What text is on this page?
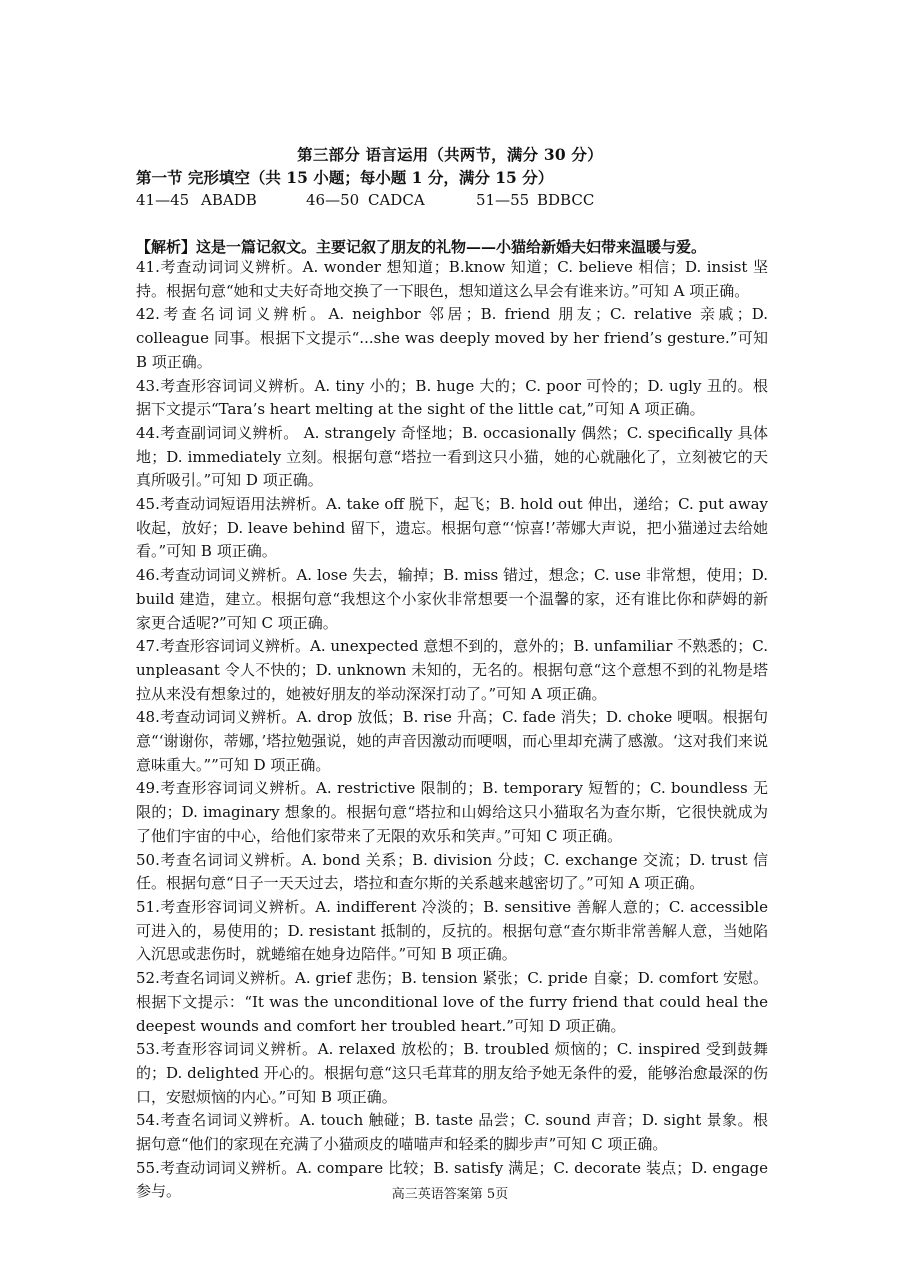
第三部分 语言运用（共两节，满分 30 分）
第一节 完形填空（共 15 小题；每小题 1 分，满分 15 分）
41—45 ABADB	46—50 CADCA	51—55 BDBCC
【解析】这是一篇记叙文。主要记叙了朋友的礼物——小猫给新婚夫妇带来温暖与爱。

41.考查动词词义辨析。A. wonder 想知道；B.know 知道；C. believe 相信；D. insist 坚持。根据句意“她和丈夫好奇地交换了一下眼色，想知道这么早会有谁来访。”可知 A 项正确。

42.考查名词词义辨析。A. neighbor 邻居；B. friend 朋友；C. relative 亲戚；D. colleague 同事。根据下文提示“...she was deeply moved by her friend’s gesture.”可知 B 项正确。

43.考查形容词词义辨析。A. tiny 小的；B. huge 大的；C. poor 可怜的；D. ugly 丑的。根据下文提示“Tara’s heart melting at the sight of the little cat,”可知 A 项正确。

44.考查副词词义辨析。 A. strangely 奇怪地；B. occasionally 偶然；C. specifically 具体地；D. immediately 立刻。根据句意“塔拉一看到这只小猫，她的心就融化了，立刻被它的天真所吸引。”可知 D 项正确。

45.考查动词短语用法辨析。A. take off 脱下，起飞；B. hold out 伸出，递给；C. put away 收起，放好；D. leave behind 留下，遗忘。根据句意“‘惊喜!’蒂娜大声说，把小猫递过去给她看。”可知 B 项正确。

46.考查动词词义辨析。A. lose 失去，输掉；B. miss 错过，想念；C. use 非常想，使用；D. build 建造，建立。根据句意“我想这个小家伙非常想要一个温馨的家，还有谁比你和萨姆的新家更合适呢?”可知 C 项正确。

47.考查形容词词义辨析。A. unexpected 意想不到的，意外的；B. unfamiliar 不熟悉的；C. unpleasant 令人不快的；D. unknown 未知的，无名的。根据句意“这个意想不到的礼物是塔拉从来没有想象过的，她被好朋友的举动深深打动了。”可知 A 项正确。

48.考查动词词义辨析。A. drop 放低；B. rise 升高；C. fade 消失；D. choke 哽咽。根据句意“‘谢谢你，蒂娜，’塔拉勉强说，她的声音因激动而哽咽，而心里却充满了感激。‘这对我们来说意味重大。””可知 D 项正确。

49.考查形容词词义辨析。A. restrictive 限制的；B. temporary 短暂的；C. boundless 无限的；D. imaginary 想象的。根据句意“塔拉和山姆给这只小猫取名为查尔斯，它很快就成为了他们宇宙的中心，给他们家带来了无限的欢乐和笑声。”可知 C 项正确。

50.考查名词词义辨析。A. bond 关系；B. division 分歧；C. exchange 交流；D. trust 信任。根据句意“日子一天天过去，塔拉和查尔斯的关系越来越密切了。”可知 A 项正确。

51.考查形容词词义辨析。A. indifferent 冷淡的；B. sensitive 善解人意的；C. accessible 可进入的，易使用的；D. resistant 抵制的，反抗的。根据句意“查尔斯非常善解人意，当她陷入沉思或悲伤时，就蜷缩在她身边陪伴。”可知 B 项正确。

52.考查名词词义辨析。A. grief 悲伤；B. tension 紧张；C. pride 自豪；D. comfort 安慰。根据下文提示：“It was the unconditional love of the furry friend that could heal the deepest wounds and comfort her troubled heart.”可知 D 项正确。

53.考查形容词词义辨析。A. relaxed 放松的；B. troubled 烦恼的；C. inspired 受到鼓舞的；D. delighted 开心的。根据句意“这只毛茸茸的朋友给予她无条件的爱，能够治愈最深的伤口，安慰烦恼的内心。”可知 B 项正确。

54.考查名词词义辨析。A. touch 触碰；B. taste 品尝；C. sound 声音；D. sight 景象。根据句意“他们的家现在充满了小猫顽皮的喵喵声和轻柔的脚步声”可知 C 项正确。

55.考查动词词义辨析。A. compare 比较；B. satisfy 满足；C. decorate 装点；D. engage 参与。	高三英语答案第 5页
